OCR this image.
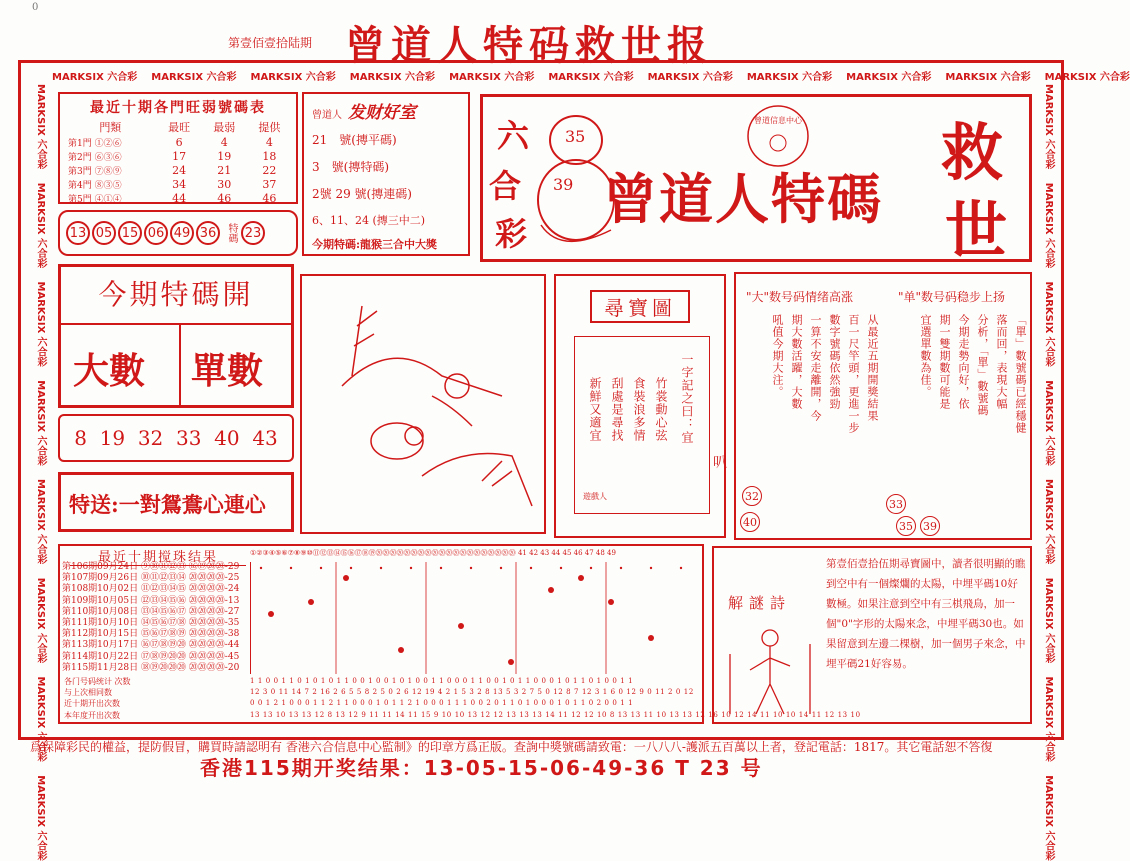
0
第壹佰壹拾陆期 曾道人特码救世报
MARKSIX 六合彩 MARKSIX 六合彩 MARKSIX 六合彩 MARKSIX 六合彩 MARKSIX 六合彩 MARKSIX 六合彩 MARKSIX 六合彩 MARKSIX 六合彩 MARKSIX 六合彩 MARKSIX 六合彩 MARKSIX 六合彩
MARKSIX 六合彩　 MARKSIX 六合彩　 MARKSIX 六合彩　 MARKSIX 六合彩　 MARKSIX 六合彩　 MARKSIX 六合彩　 MARKSIX 六合彩　 MARKSIX 六合彩
MARKSIX 六合彩　 MARKSIX 六合彩　 MARKSIX 六合彩　 MARKSIX 六合彩　 MARKSIX 六合彩　 MARKSIX 六合彩　 MARKSIX 六合彩　 MARKSIX 六合彩
最近十期各門旺弱號碼表
門類	最旺	最弱	提供
第1門 ①②⑥	6	4	4
第2門 ⑥③⑥	17	19	18
第3門 ⑦⑧⑨	24	21	22
第4門 ⑧③⑤	34	30	37
第5門 ④①④	44	46	46
13 05 15 06 49 36 特碼 23
曾道人 发财好室
21　號(摶平碼)
3　號(摶特碼)
2號 29 號(摶連碼)
6、11、24 (摶三中二)
今期特碼:龍猴三合中大獎
六
合
彩
35
39
曾道信息中心
曾道人特碼
救
世
今期特碼開
大數 單數
8  19  32  33  40  43
特送:一對鴛鴦心連心
尋寶圖
一字記之曰：宜
竹裳動心弦
食裝浪多情
刮處是尋找
新鮮又適宜
遊戲人
"大"数号码情绪高涨	"单"数号码稳步上扬
从最近五期開獎結果
百一尺竿頭，更進一步
數字號碼依然強勁
一算不安走離開，今
期大數活躍，大數
吼值今期大注。	「單」數號碼已經穩健
落而回，表現大幅
分析，「單」數號碼
今期走勢向好，依
期一雙期數可能是
宜選單數為佳。
32
40
33
35 39
叭
最近十期搅珠结果	①②③④⑤⑥⑦⑧⑨⑩⑪⑫⑬⑭⑮⑯⑰⑱⑲⑳⑳⑳⑳⑳⑳⑳⑳⑳⑳⑳⑳⑳⑳⑳⑳⑳⑳⑳⑳ 41 42 43 44 45 46 47 48 49
第106期09月24日 ⑨⑩⑪⑫⑬ ⑯⑲⑳⑳-29
第107期09月26日 ⑩⑪⑫⑬⑭ ⑳⑳⑳⑳-25
第108期10月02日 ⑪⑫⑬⑭⑮ ⑳⑳⑳⑳-24
第109期10月05日 ⑫⑬⑭⑮⑯ ⑳⑳⑳⑳-13
第110期10月08日 ⑬⑭⑮⑯⑰ ⑳⑳⑳⑳-27
第111期10月10日 ⑭⑮⑯⑰⑱ ⑳⑳⑳⑳-35
第112期10月15日 ⑮⑯⑰⑱⑲ ⑳⑳⑳⑳-38
第113期10月17日 ⑯⑰⑱⑲⑳ ⑳⑳⑳⑳-44
第114期10月22日 ⑰⑱⑲⑳⑳ ⑳⑳⑳⑳-45
第115期11月28日 ⑱⑲⑳⑳⑳ ⑳⑳⑳⑳-20
各门号码统计 次数
与上次相同数
近十期开出次数
本年度开出次数
1 1 0 0 1 1 0 1 0 1 0 1 1 0 0 1 0 0 1 0 1 0 0 1 1 0 0 0 1 1 0 0 1 0 1 1 0 0 0 1 0 1 1 0 1 0 0 1 1
12 3 0 11 14 7 2 16 2 6 5 5 8 2 5 0 2 6 12 19 4 2 1 5 3 2 8 13 5 3 2 7 5 0 12 8 7 12 3 1 6 0 12 9 0 11 2 0 12
0 0 1 2 1 0 0 0 1 1 2 1 1 0 0 0 1 0 1 1 2 1 0 0 0 1 1 1 0 0 2 0 1 1 0 1 0 0 0 1 0 1 1 0 2 0 0 1 1
13 13 10 13 13 12 8 13 12 9 11 11 14 11 15 9 10 10 13 12 12 13 13 13 14 11 12 12 10 8 13 13 11 10 13 13 12 16 10 12 14 11 10 10 14 11 12 13 10
解謎詩
第壹佰壹拾伍期尋寶圖中，讀者很明顯的瞧到空中有一個燦爛的太陽，中埋平碼10好數極。如果注意到空中有三棋飛鳥，加一個"0"字形的太陽來念，中埋平碼30也。如果留意到左邊二棵樹，加一個男子來念，中埋平碼21好容易。
爲保障彩民的權益，提防假冒，購買時請認明有 香港六合信息中心監制》的印章方爲正版。查詢中獎號碼請致電：一八八八-護派五百萬以上者，登記電話：1817。其它電話恕不答復
香港115期开奖结果：13-05-15-06-49-36 T 23 号
